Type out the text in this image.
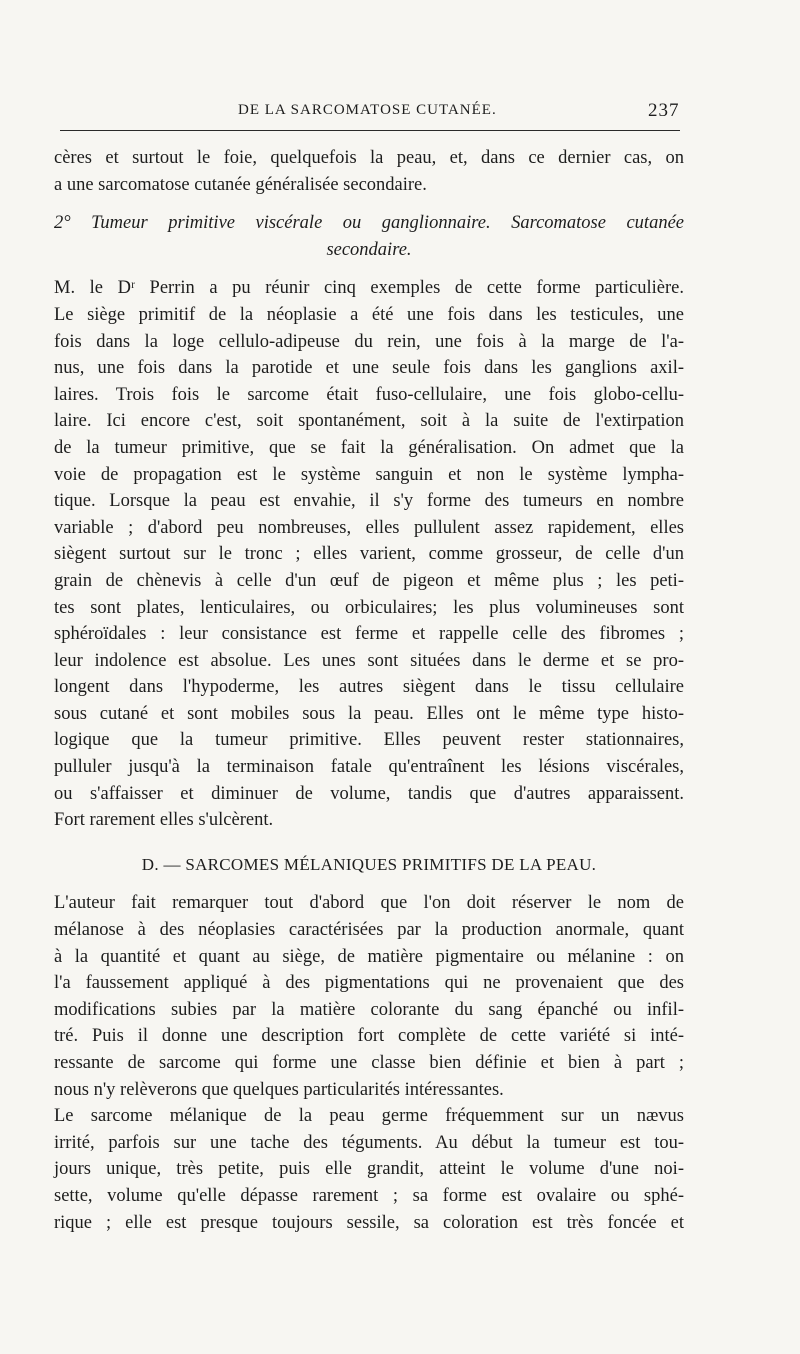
DE LA SARCOMATOSE CUTANÉE.	237
cères et surtout le foie, quelquefois la peau, et, dans ce dernier cas, on
a une sarcomatose cutanée généralisée secondaire.
2° Tumeur primitive viscérale ou ganglionnaire. Sarcomatose cutanée
secondaire.
M. le Dʳ Perrin a pu réunir cinq exemples de cette forme particulière.
Le siège primitif de la néoplasie a été une fois dans les testicules, une
fois dans la loge cellulo-adipeuse du rein, une fois à la marge de l'a-
nus, une fois dans la parotide et une seule fois dans les ganglions axil-
laires. Trois fois le sarcome était fuso-cellulaire, une fois globo-cellu-
laire. Ici encore c'est, soit spontanément, soit à la suite de l'extirpation
de la tumeur primitive, que se fait la généralisation. On admet que la
voie de propagation est le système sanguin et non le système lympha-
tique. Lorsque la peau est envahie, il s'y forme des tumeurs en nombre
variable ; d'abord peu nombreuses, elles pullulent assez rapidement, elles
siègent surtout sur le tronc ; elles varient, comme grosseur, de celle d'un
grain de chènevis à celle d'un œuf de pigeon et même plus ; les peti-
tes sont plates, lenticulaires, ou orbiculaires; les plus volumineuses sont
sphéroïdales : leur consistance est ferme et rappelle celle des fibromes ;
leur indolence est absolue. Les unes sont situées dans le derme et se pro-
longent dans l'hypoderme, les autres siègent dans le tissu cellulaire
sous cutané et sont mobiles sous la peau. Elles ont le même type histo-
logique que la tumeur primitive. Elles peuvent rester stationnaires,
pulluler jusqu'à la terminaison fatale qu'entraînent les lésions viscérales,
ou s'affaisser et diminuer de volume, tandis que d'autres apparaissent.
Fort rarement elles s'ulcèrent.
D. — SARCOMES MÉLANIQUES PRIMITIFS DE LA PEAU.
L'auteur fait remarquer tout d'abord que l'on doit réserver le nom de
mélanose à des néoplasies caractérisées par la production anormale, quant
à la quantité et quant au siège, de matière pigmentaire ou mélanine : on
l'a faussement appliqué à des pigmentations qui ne provenaient que des
modifications subies par la matière colorante du sang épanché ou infil-
tré. Puis il donne une description fort complète de cette variété si inté-
ressante de sarcome qui forme une classe bien définie et bien à part ;
nous n'y relèverons que quelques particularités intéressantes.
Le sarcome mélanique de la peau germe fréquemment sur un nævus
irrité, parfois sur une tache des téguments. Au début la tumeur est tou-
jours unique, très petite, puis elle grandit, atteint le volume d'une noi-
sette, volume qu'elle dépasse rarement ; sa forme est ovalaire ou sphé-
rique ; elle est presque toujours sessile, sa coloration est très foncée et
